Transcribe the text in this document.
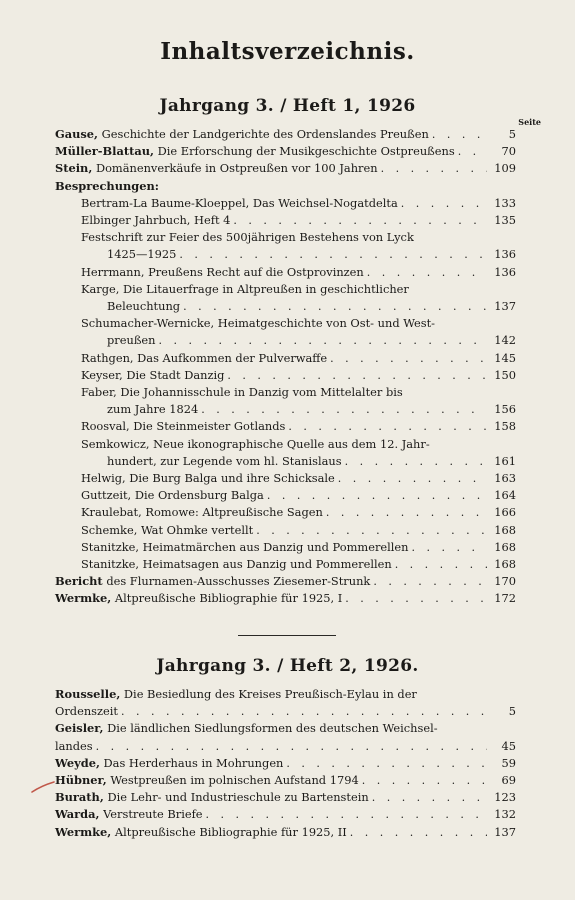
Inhaltsverzeichnis.
Jahrgang 3. / Heft 1, 1926
Seite
Gause, Geschichte der Landgerichte des Ordenslandes Preußen . . .	5
Müller-Blattau, Die Erforschung der Musikgeschichte Ostpreußens . . .	70
Stein, Domänenverkäufe in Ostpreußen vor 100 Jahren . . .	109
Besprechungen:
Bertram-La Baume-Kloeppel, Das Weichsel-Nogatdelta . . .	133
Elbinger Jahrbuch, Heft 4 . . .	135
Festschrift zur Feier des 500jährigen Bestehens von Lyck
1425—1925 . . .	136
Herrmann, Preußens Recht auf die Ostprovinzen . . .	136
Karge, Die Litauerfrage in Altpreußen in geschichtlicher
Beleuchtung . . .	137
Schumacher-Wernicke, Heimatgeschichte von Ost- und West-
preußen . . .	142
Rathgen, Das Aufkommen der Pulverwaffe . . .	145
Keyser, Die Stadt Danzig . . .	150
Faber, Die Johannisschule in Danzig vom Mittelalter bis
zum Jahre 1824 . . .	156
Roosval, Die Steinmeister Gotlands . . .	158
Semkowicz, Neue ikonographische Quelle aus dem 12. Jahr-
hundert, zur Legende vom hl. Stanislaus . . .	161
Helwig, Die Burg Balga und ihre Schicksale . . .	163
Guttzeit, Die Ordensburg Balga . . .	164
Kraulebat, Romowe: Altpreußische Sagen . . .	166
Schemke, Wat Ohmke vertellt . . .	168
Stanitzke, Heimatmärchen aus Danzig und Pommerellen . . .	168
Stanitzke, Heimatsagen aus Danzig und Pommerellen . . .	168
Bericht des Flurnamen-Ausschusses Ziesemer-Strunk . . .	170
Wermke, Altpreußische Bibliographie für 1925, I . . .	172
Jahrgang 3. / Heft 2, 1926.
Rousselle, Die Besiedlung des Kreises Preußisch-Eylau in der
Ordenszeit . . .	5
Geisler, Die ländlichen Siedlungsformen des deutschen Weichsel-
landes . . .	45
Weyde, Das Herderhaus in Mohrungen . . .	59
Hübner, Westpreußen im polnischen Aufstand 1794 . . .	69
Burath, Die Lehr- und Industrieschule zu Bartenstein . . .	123
Warda, Verstreute Briefe . . .	132
Wermke, Altpreußische Bibliographie für 1925, II . . .	137
